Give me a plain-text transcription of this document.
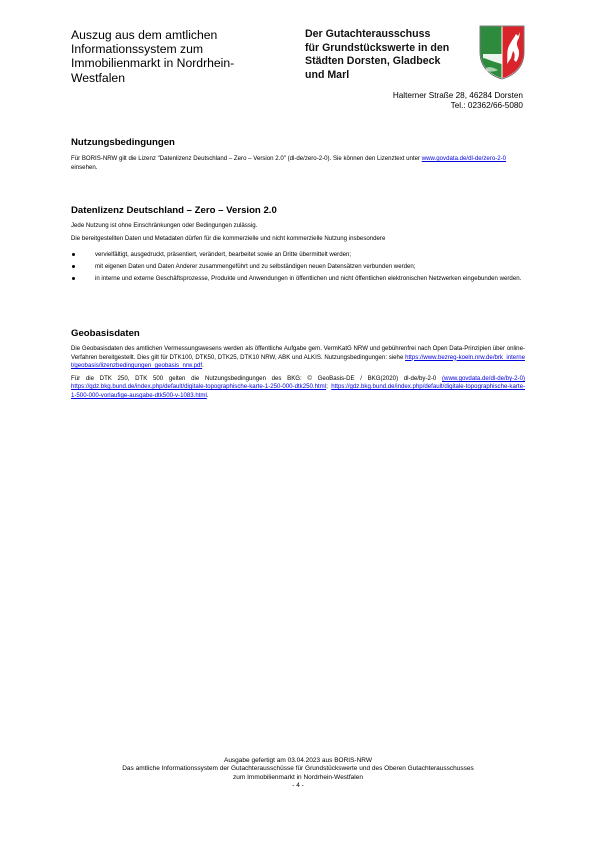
Auszug aus dem amtlichen
Informationssystem zum
Immobilienmarkt in Nordrhein-
Westfalen
Der Gutachterausschuss
für Grundstückswerte in den
Städten Dorsten, Gladbeck
und Marl
Halterner Straße 28, 46284 Dorsten
Tel.: 02362/66-5080
Nutzungsbedingungen
Für BORIS-NRW gilt die Lizenz "Datenlizenz Deutschland – Zero – Version 2.0" (dl-de/zero-2-0). Sie können den Lizenztext unter www.govdata.de/dl-de/zero-2-0 einsehen.
Datenlizenz Deutschland – Zero – Version 2.0
Jede Nutzung ist ohne Einschränkungen oder Bedingungen zulässig.
Die bereitgestellten Daten und Metadaten dürfen für die kommerzielle und nicht kommerzielle Nutzung insbesondere
vervielfältigt, ausgedruckt, präsentiert, verändert, bearbeitet sowie an Dritte übermittelt werden;
mit eigenen Daten und Daten Anderer zusammengeführt und zu selbständigen neuen Datensätzen verbunden werden;
in interne und externe Geschäftsprozesse, Produkte und Anwendungen in öffentlichen und nicht öffentlichen elektronischen Netzwerken eingebunden werden.
Geobasisdaten
Die Geobasisdaten des amtlichen Vermessungswesens werden als öffentliche Aufgabe gem. VermKatG NRW und gebührenfrei nach Open Data-Prinzipien über online-Verfahren bereitgestellt. Dies gilt für DTK100, DTK50, DTK25, DTK10 NRW, ABK und ALKIS. Nutzungsbedingungen: siehe https://www.bezreg-koeln.nrw.de/brk_internet/geobasis/lizenzbedingungen_geobasis_nrw.pdf.
Für die DTK 250, DTK 500 gelten die Nutzungsbedingungen des BKG: © GeoBasis-DE / BKG(2020) dl-de/by-2-0 (www.govdata.de/dl-de/by-2-0) https://gdz.bkg.bund.de/index.php/default/digitale-topographische-karte-1-250-000-dtk250.html; https://gdz.bkg.bund.de/index.php/default/digitale-topographische-karte-1-500-000-vorlaufige-ausgabe-dtk500-v-1083.html.
Ausgabe gefertigt am 03.04.2023 aus BORIS-NRW
Das amtliche Informationssystem der Gutachterausschüsse für Grundstückswerte und des Oberen Gutachterausschusses
zum Immobilienmarkt in Nordrhein-Westfalen
- 4 -
